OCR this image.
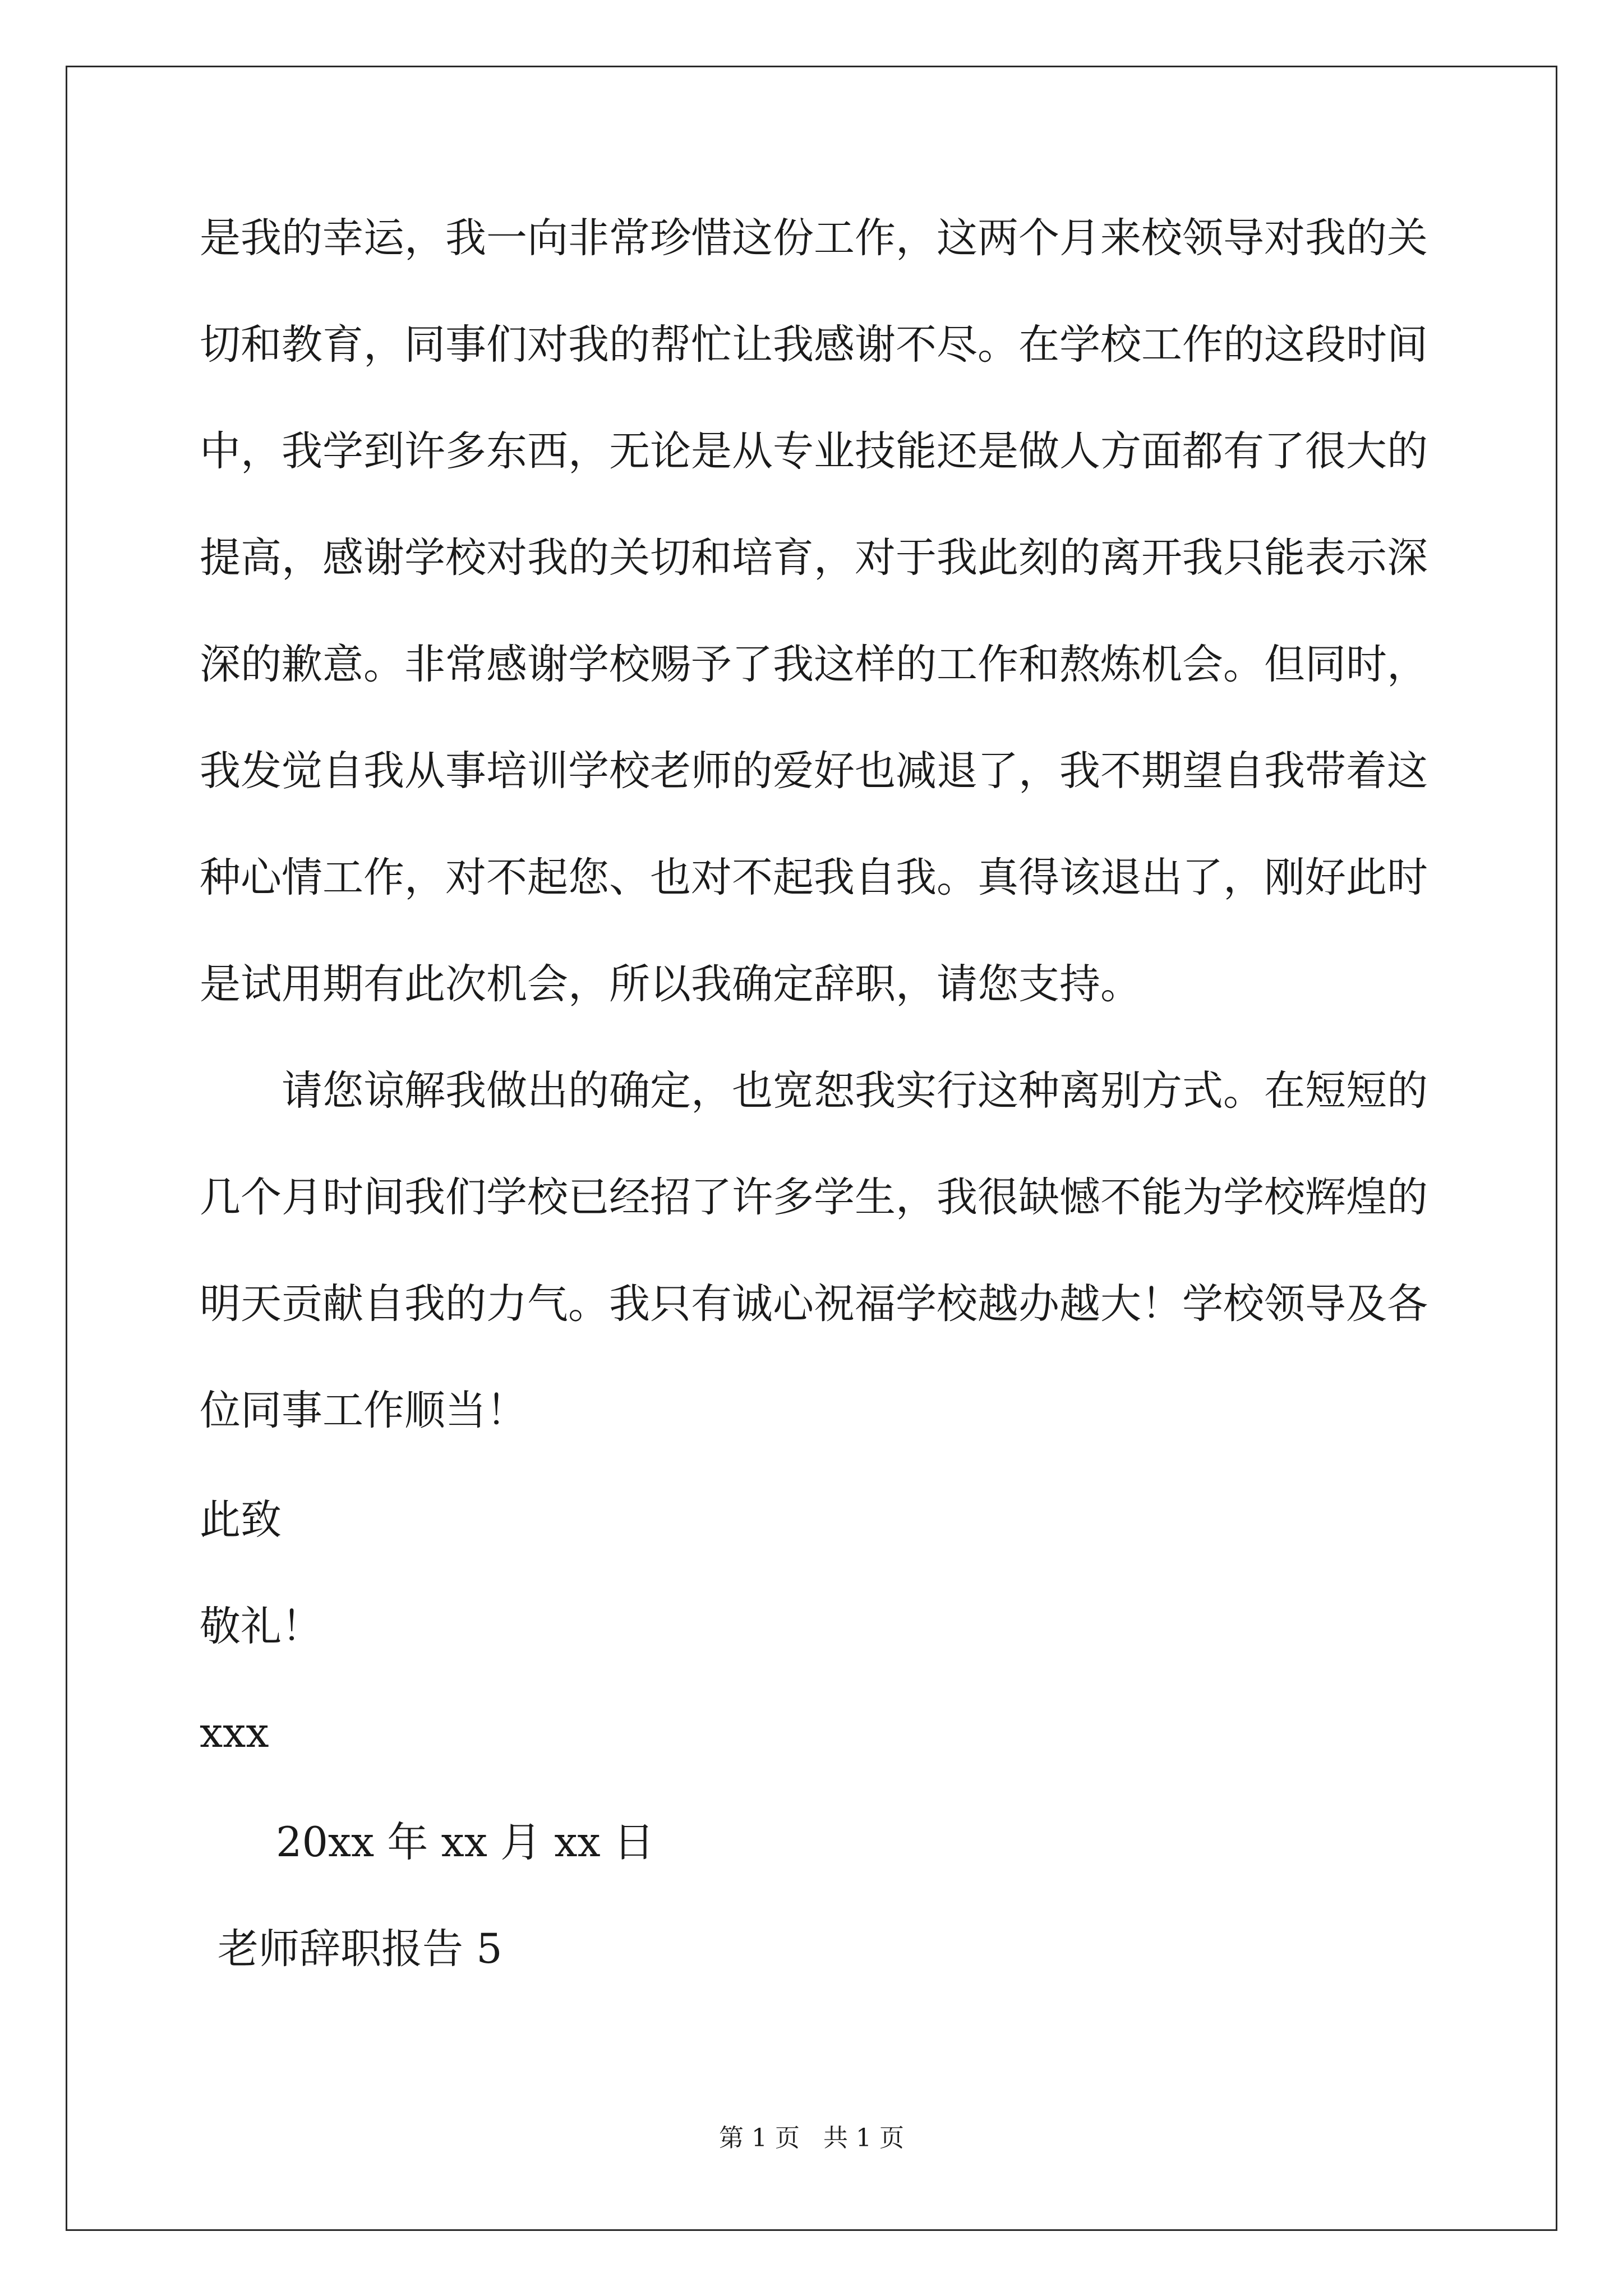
是我的幸运，我一向非常珍惜这份工作，这两个月来校领导对我的关
切和教育，同事们对我的帮忙让我感谢不尽。在学校工作的这段时间
中，我学到许多东西，无论是从专业技能还是做人方面都有了很大的
提高，感谢学校对我的关切和培育，对于我此刻的离开我只能表示深
深的歉意。非常感谢学校赐予了我这样的工作和熬炼机会。但同时，
我发觉自我从事培训学校老师的爱好也减退了，我不期望自我带着这
种心情工作，对不起您、也对不起我自我。真得该退出了，刚好此时
是试用期有此次机会，所以我确定辞职，请您支持。
请您谅解我做出的确定，也宽恕我实行这种离别方式。在短短的
几个月时间我们学校已经招了许多学生，我很缺憾不能为学校辉煌的
明天贡献自我的力气。我只有诚心祝福学校越办越大！学校领导及各
位同事工作顺当！
此致
敬礼！
xxx
20xx 年 xx 月 xx 日
老师辞职报告 5
第 1 页   共 1 页
